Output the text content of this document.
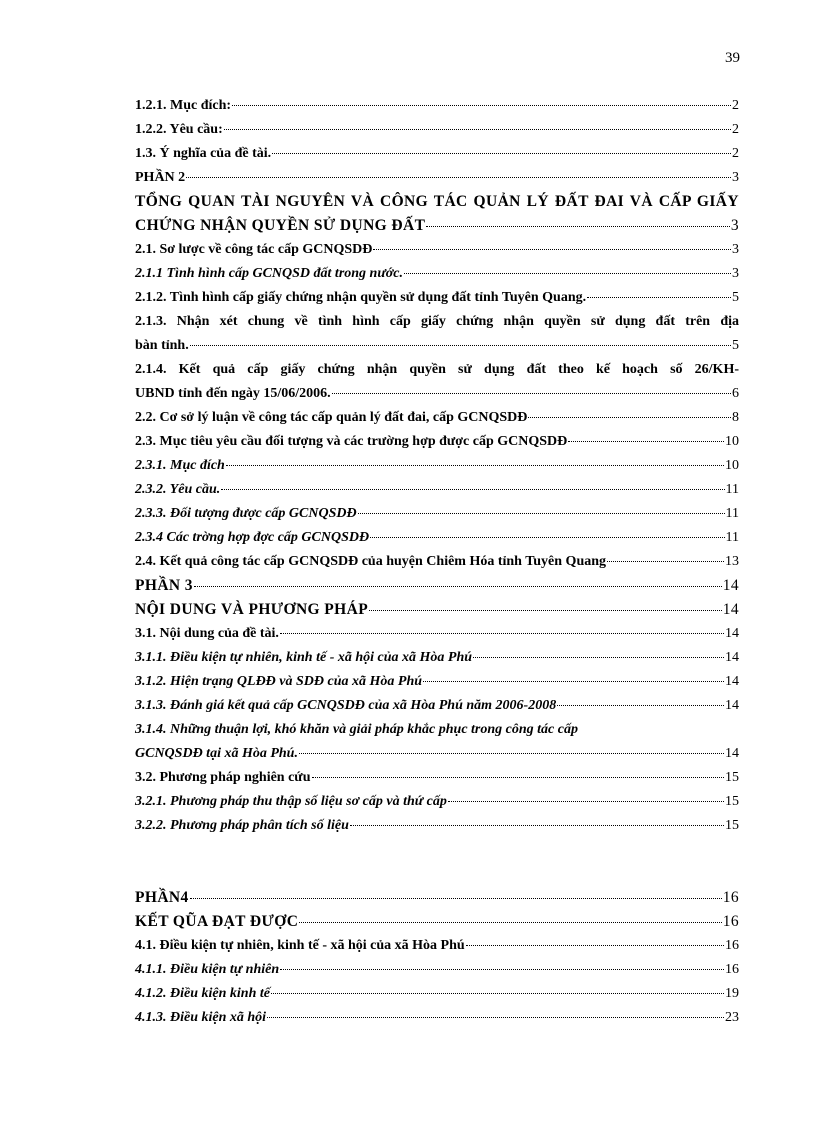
39
1.2.1. Mục đích:	2
1.2.2. Yêu cầu:	2
1.3. Ý nghĩa của đề tài.	2
PHẦN 2	3
TỔNG QUAN TÀI NGUYÊN VÀ CÔNG TÁC QUẢN LÝ ĐẤT ĐAI VÀ CẤP GIẤY
CHỨNG NHẬN QUYỀN SỬ DỤNG ĐẤT	3
2.1. Sơ lược về công tác cấp GCNQSDĐ	3
2.1.1 Tình hình cấp GCNQSD đất trong nước.	3
2.1.2. Tình hình cấp giấy chứng nhận quyền sử dụng đất tỉnh Tuyên Quang.	5
2.1.3. Nhận xét chung về tình hình cấp giấy chứng nhận quyền sử dụng đất trên địa
bàn tỉnh.	5
2.1.4. Kết quả cấp giấy chứng nhận quyền sử dụng đất theo kế hoạch số 26/KH-
UBND tỉnh đến ngày 15/06/2006.	6
2.2. Cơ sở lý luận về công tác cấp quản lý đất đai, cấp GCNQSDĐ	8
2.3. Mục tiêu yêu cầu đối tượng và các trường hợp được cấp GCNQSDĐ	10
2.3.1. Mục đích	10
2.3.2. Yêu cầu.	11
2.3.3. Đối tượng được cấp GCNQSDĐ	11
2.3.4 Các trờng hợp đợc cấp GCNQSDĐ	11
2.4. Kết quả công tác cấp GCNQSDĐ của huyện Chiêm Hóa tỉnh Tuyên Quang	13
PHẦN 3	14
NỘI DUNG VÀ PHƯƠNG PHÁP	14
3.1. Nội dung của đề tài.	14
3.1.1. Điều kiện tự nhiên, kinh tế - xã hội của xã Hòa Phú	14
3.1.2. Hiện trạng QLĐĐ và SDĐ của xã Hòa Phú	14
3.1.3. Đánh giá kết quả cấp GCNQSDĐ của xã Hòa Phú năm 2006-2008	14
3.1.4. Những thuận lợi, khó khăn và giải pháp khắc phục trong công tác cấp
GCNQSDĐ tại xã Hòa Phú.	14
3.2. Phương pháp nghiên cứu	15
3.2.1. Phương pháp thu thập số liệu sơ cấp và thứ cấp	15
3.2.2. Phương pháp phân tích số liệu	15
PHẦN4	16
KẾT QŨA ĐẠT ĐƯỢC	16
4.1. Điều kiện tự nhiên, kinh tế - xã hội của xã Hòa Phú	16
4.1.1. Điều kiện tự nhiên	16
4.1.2. Điều kiện kinh tế	19
4.1.3. Điều kiện xã hội	23
